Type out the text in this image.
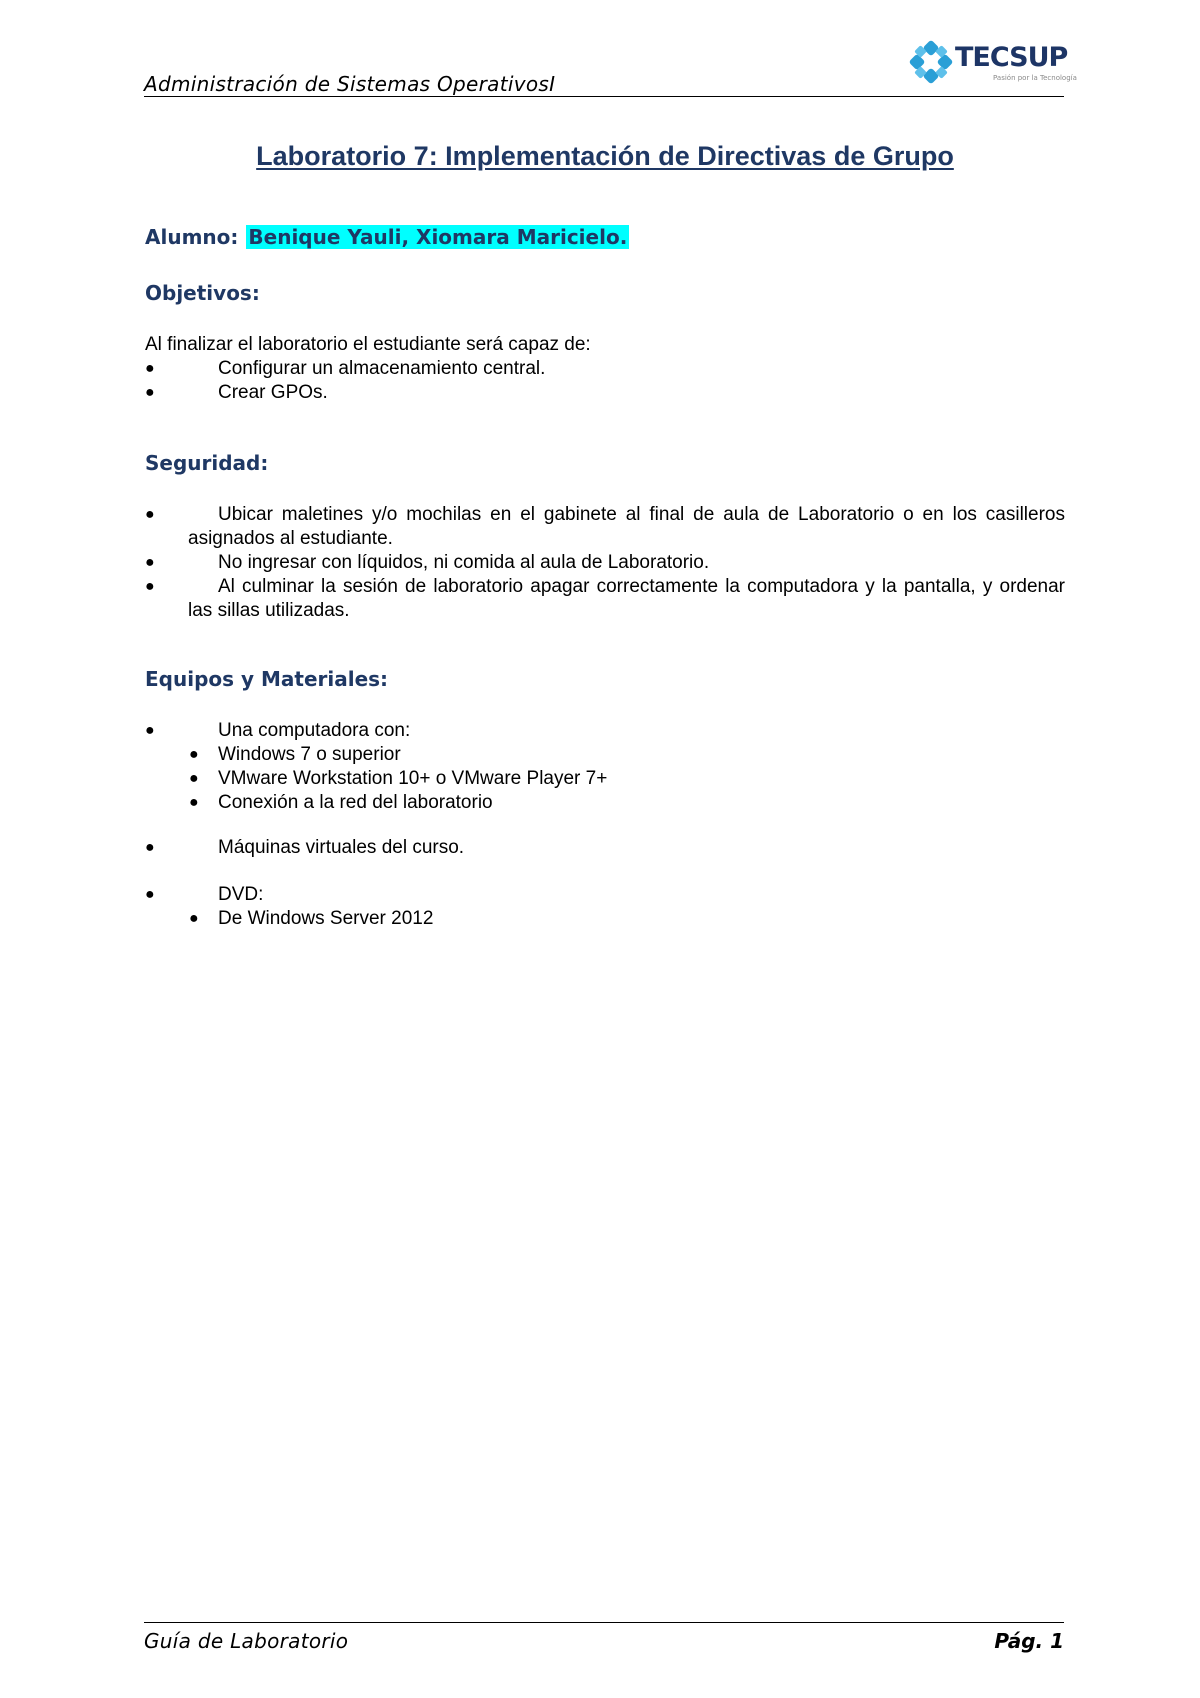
Administración de Sistemas OperativosI
TECSUP
Pasión por la Tecnología
Laboratorio 7: Implementación de Directivas de Grupo
Alumno: Benique Yauli, Xiomara Maricielo.
Objetivos:
Al finalizar el laboratorio el estudiante será capaz de:
●	Configurar un almacenamiento central.
●	Crear GPOs.
Seguridad:
●	Ubicar maletines y/o mochilas en el gabinete al final de aula de Laboratorio o en los casilleros asignados al estudiante.
●	No ingresar con líquidos, ni comida al aula de Laboratorio.
●	Al culminar la sesión de laboratorio apagar correctamente la computadora y la pantalla, y ordenar las sillas utilizadas.
Equipos y Materiales:
●	Una computadora con:
● Windows 7 o superior
● VMware Workstation 10+ o VMware Player 7+
● Conexión a la red del laboratorio
●	Máquinas virtuales del curso.
●	DVD:
● De Windows Server 2012
Guía de Laboratorio	Pág. 1
